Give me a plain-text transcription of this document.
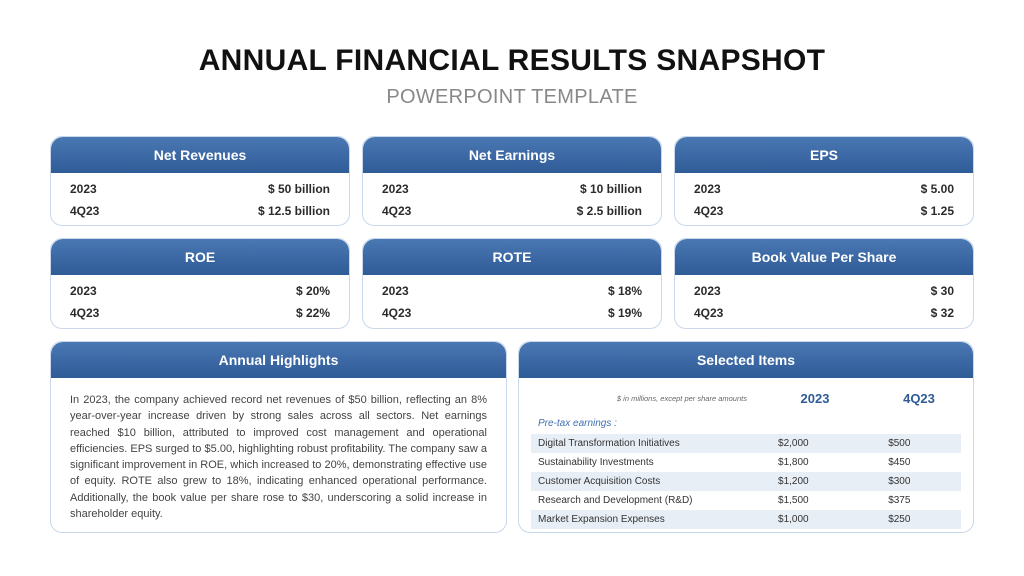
ANNUAL FINANCIAL RESULTS SNAPSHOT
POWERPOINT TEMPLATE
Net Revenues
2023	$ 50 billion
4Q23	$ 12.5 billion
Net Earnings
2023	$ 10 billion
4Q23	$ 2.5 billion
EPS
2023	$ 5.00
4Q23	$ 1.25
ROE
2023	$ 20%
4Q23	$ 22%
ROTE
2023	$ 18%
4Q23	$ 19%
Book Value Per Share
2023	$ 30
4Q23	$ 32
Annual Highlights
In 2023, the company achieved record net revenues of $50 billion, reflecting an 8% year-over-year increase driven by strong sales across all sectors. Net earnings reached $10 billion, attributed to improved cost management and operational efficiencies. EPS surged to $5.00, highlighting robust profitability. The company saw a significant improvement in ROE, which increased to 20%, demonstrating effective use of equity. ROTE also grew to 18%, indicating enhanced operational performance. Additionally, the book value per share rose to $30, underscoring a solid increase in shareholder equity.
Selected Items
$ in millions, except per share amounts	2023	4Q23
Pre-tax earnings :
Digital Transformation Initiatives	$2,000	$500
Sustainability Investments	$1,800	$450
Customer Acquisition Costs	$1,200	$300
Research and Development (R&D)	$1,500	$375
Market Expansion Expenses	$1,000	$250
